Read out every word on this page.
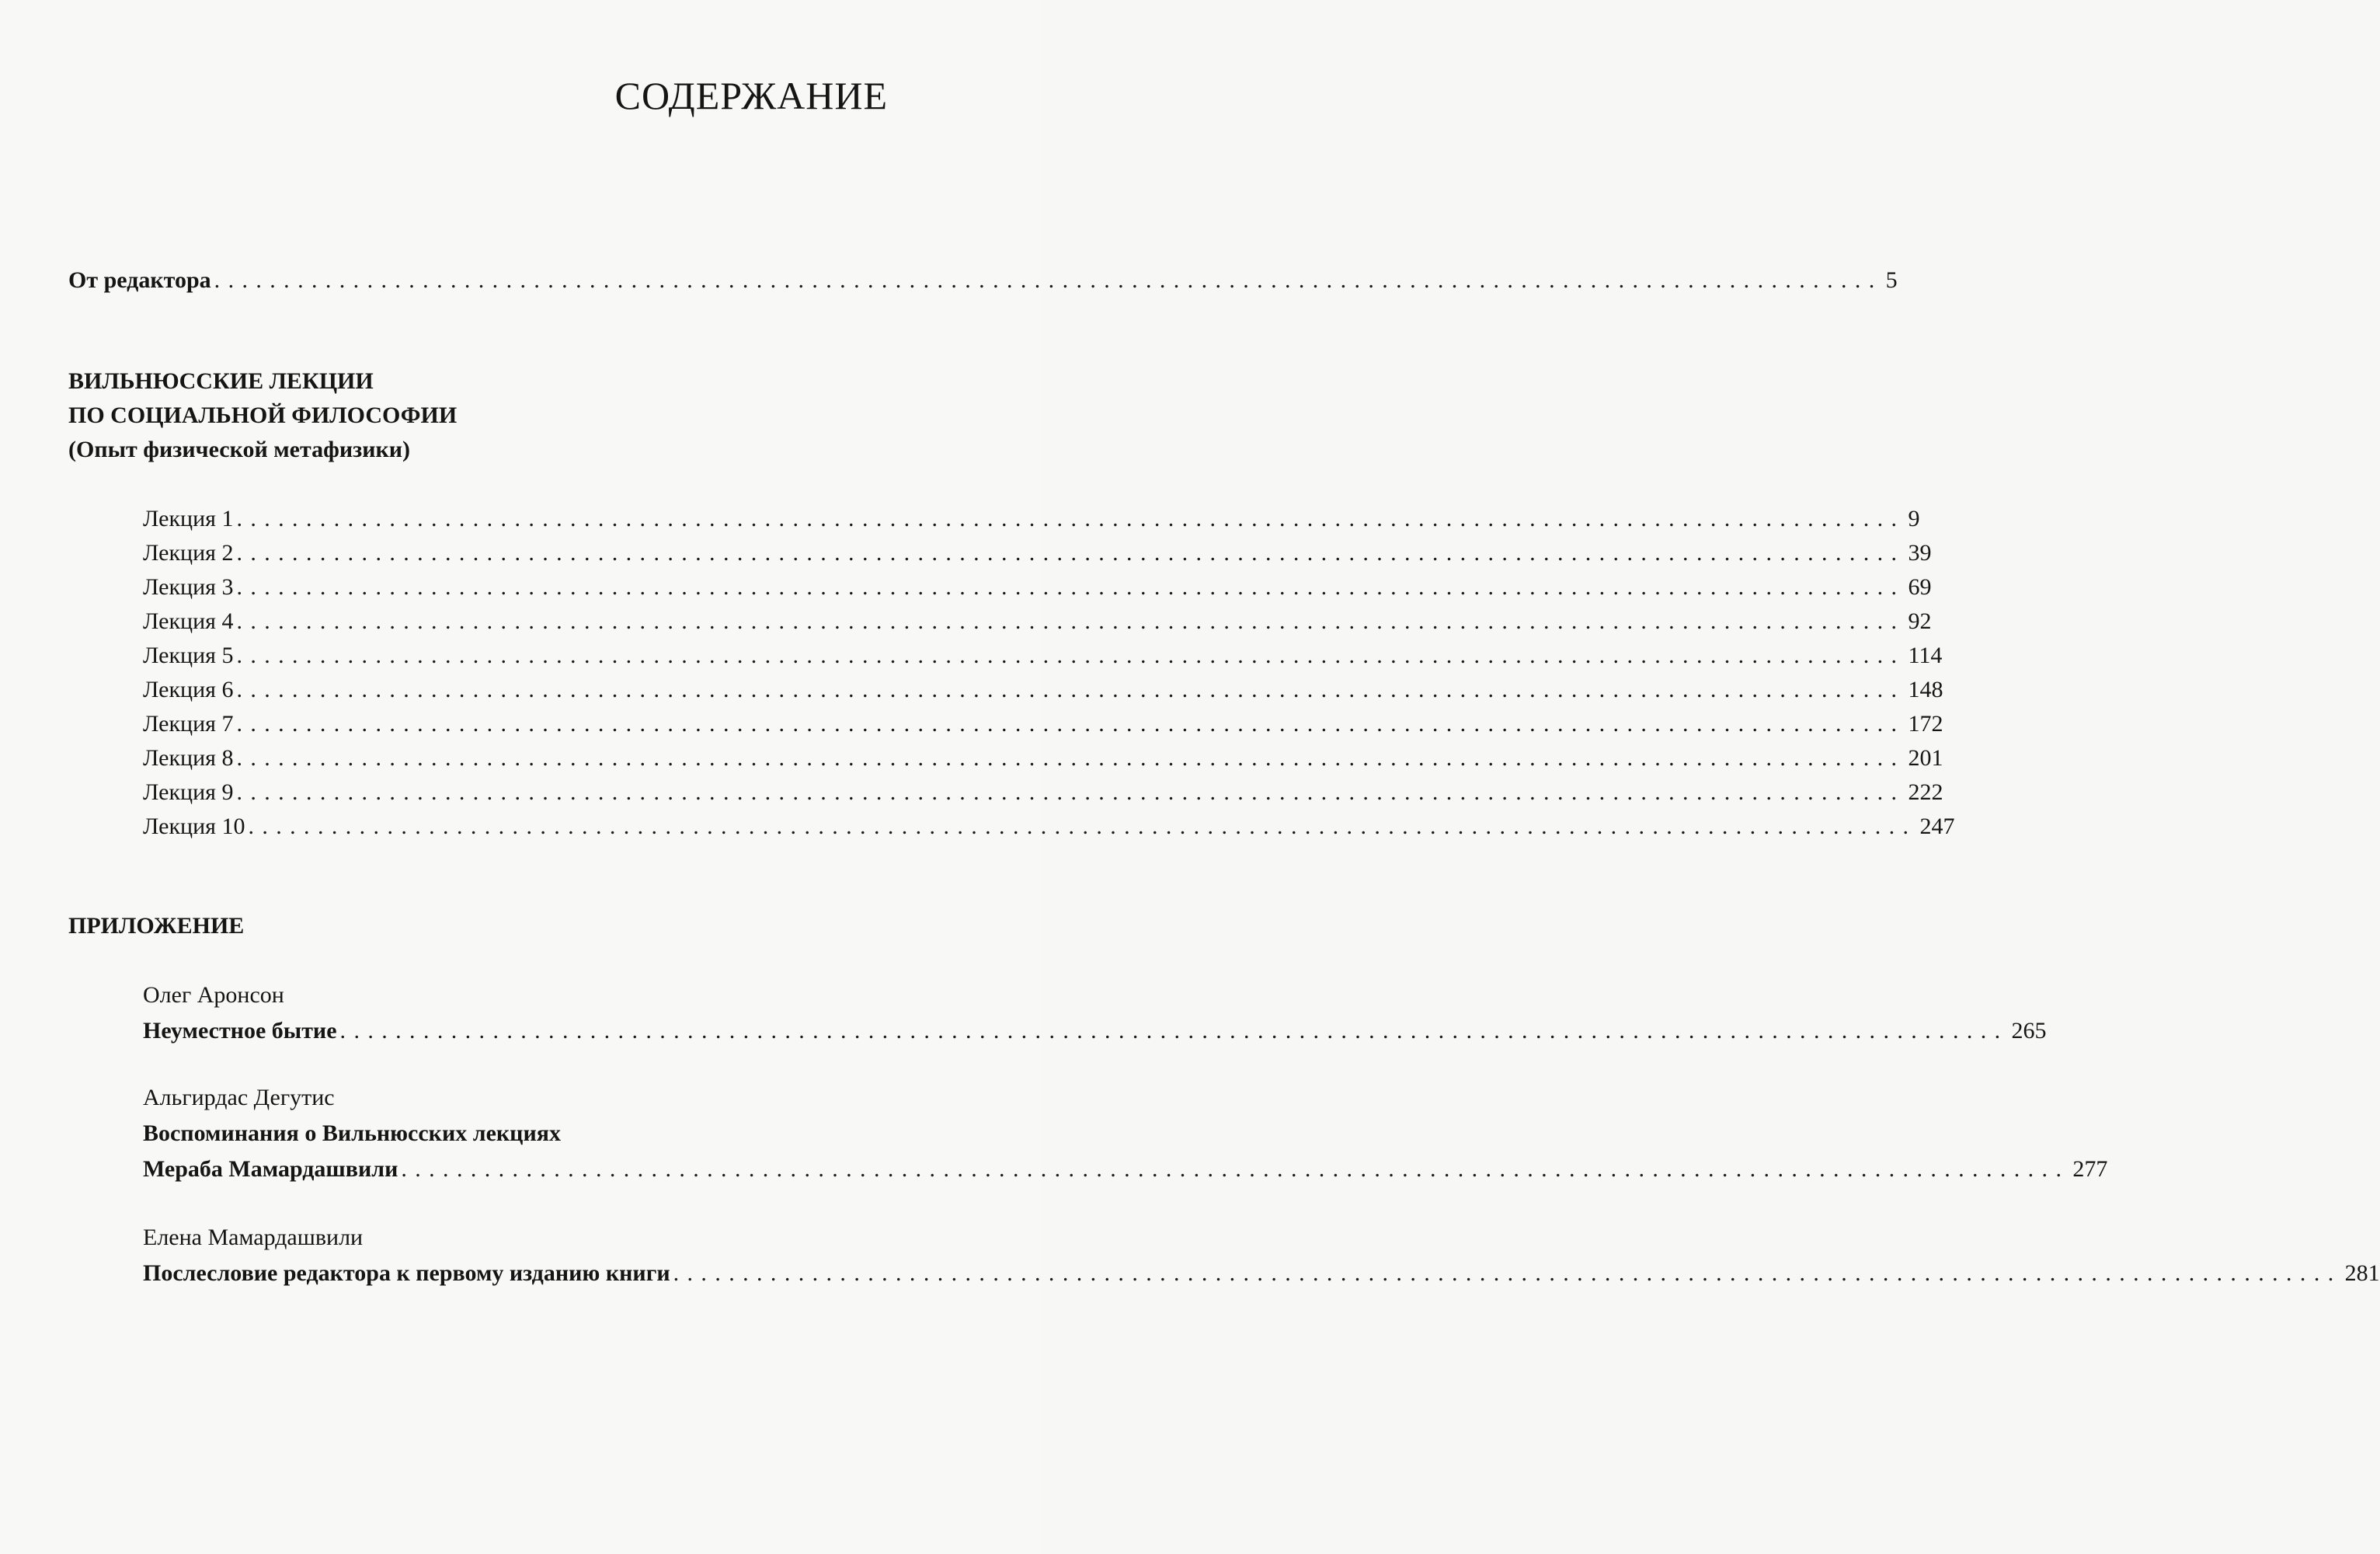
СОДЕРЖАНИЕ
От редактора ........................................................................................................................ 5
ВИЛЬНЮССКИЕ ЛЕКЦИИ
ПО СОЦИАЛЬНОЙ ФИЛОСОФИИ
(Опыт физической метафизики)
Лекция 1 ........................................................................................................................ 9
Лекция 2 ........................................................................................................................ 39
Лекция 3 ........................................................................................................................ 69
Лекция 4 ........................................................................................................................ 92
Лекция 5 ........................................................................................................................ 114
Лекция 6 ........................................................................................................................ 148
Лекция 7 ........................................................................................................................ 172
Лекция 8 ........................................................................................................................ 201
Лекция 9 ........................................................................................................................ 222
Лекция 10 ........................................................................................................................ 247
ПРИЛОЖЕНИЕ
Олег Аронсон
Неуместное бытие ........................................................................................................................ 265
Альгирдас Дегутис
Воспоминания о Вильнюсских лекциях
Мераба Мамардашвили ........................................................................................................................ 277
Елена Мамардашвили
Послесловие редактора к первому изданию книги ........................................................................................................................ 281
